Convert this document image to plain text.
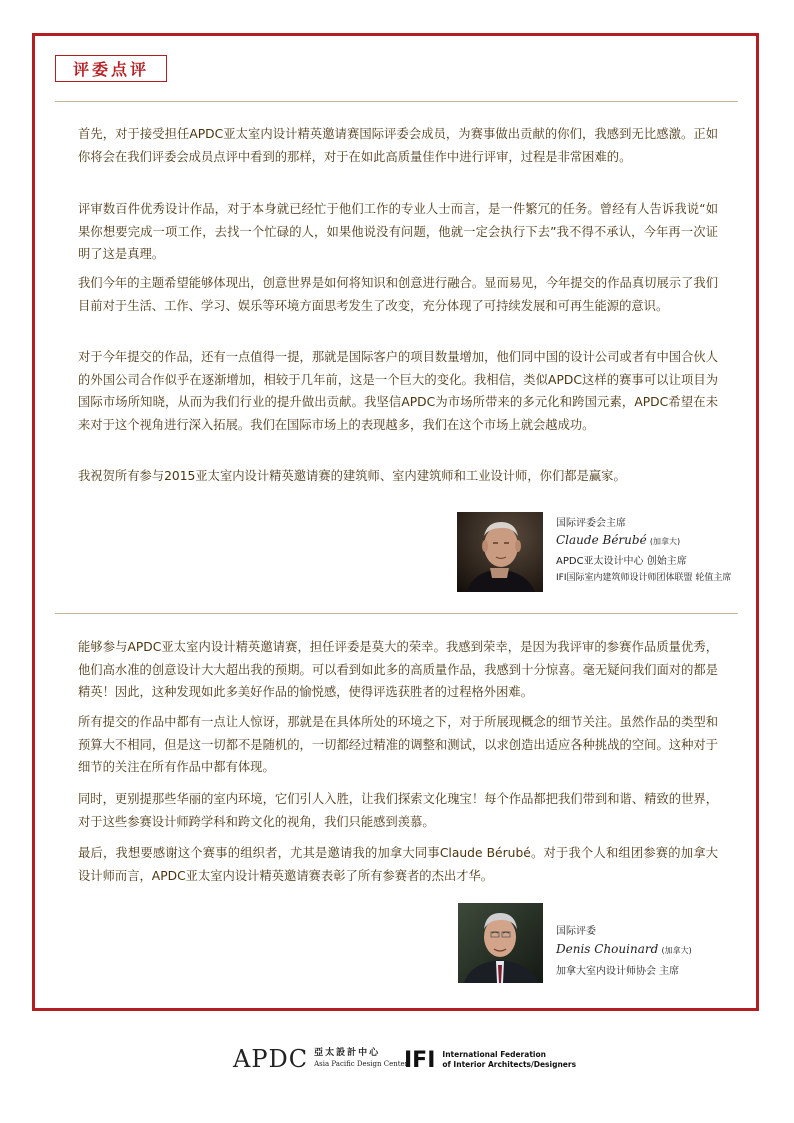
评委点评

首先，对于接受担任APDC亚太室内设计精英邀请赛国际评委会成员，为赛事做出贡献的你们，我感到无比感激。正如你将会在我们评委会成员点评中看到的那样，对于在如此高质量佳作中进行评审，过程是非常困难的。

评审数百件优秀设计作品，对于本身就已经忙于他们工作的专业人士而言，是一件繁冗的任务。曾经有人告诉我说“如果你想要完成一项工作，去找一个忙碌的人，如果他说没有问题，他就一定会执行下去”我不得不承认，今年再一次证明了这是真理。

我们今年的主题希望能够体现出，创意世界是如何将知识和创意进行融合。显而易见，今年提交的作品真切展示了我们目前对于生活、工作、学习、娱乐等环境方面思考发生了改变，充分体现了可持续发展和可再生能源的意识。

对于今年提交的作品，还有一点值得一提，那就是国际客户的项目数量增加，他们同中国的设计公司或者有中国合伙人的外国公司合作似乎在逐渐增加，相较于几年前，这是一个巨大的变化。我相信，类似APDC这样的赛事可以让项目为国际市场所知晓，从而为我们行业的提升做出贡献。我坚信APDC为市场所带来的多元化和跨国元素，APDC希望在未来对于这个视角进行深入拓展。我们在国际市场上的表现越多，我们在这个市场上就会越成功。

我祝贺所有参与2015亚太室内设计精英邀请赛的建筑师、室内建筑师和工业设计师，你们都是赢家。

国际评委会主席
Claude Bérubé (加拿大)
APDC亚太设计中心 创始主席
IFI国际室内建筑师设计师团体联盟 轮值主席

能够参与APDC亚太室内设计精英邀请赛，担任评委是莫大的荣幸。我感到荣幸，是因为我评审的参赛作品质量优秀，他们高水准的创意设计大大超出我的预期。可以看到如此多的高质量作品，我感到十分惊喜。毫无疑问我们面对的都是精英！因此，这种发现如此多美好作品的愉悦感，使得评选获胜者的过程格外困难。

所有提交的作品中都有一点让人惊讶，那就是在具体所处的环境之下，对于所展现概念的细节关注。虽然作品的类型和预算大不相同，但是这一切都不是随机的，一切都经过精准的调整和测试，以求创造出适应各种挑战的空间。这种对于细节的关注在所有作品中都有体现。

同时，更别提那些华丽的室内环境，它们引人入胜，让我们探索文化瑰宝！每个作品都把我们带到和谐、精致的世界，对于这些参赛设计师跨学科和跨文化的视角，我们只能感到羡慕。

最后，我想要感谢这个赛事的组织者，尤其是邀请我的加拿大同事Claude Bérubé。对于我个人和组团参赛的加拿大设计师而言，APDC亚太室内设计精英邀请赛表彰了所有参赛者的杰出才华。

国际评委
Denis Chouinard (加拿大)
加拿大室内设计师协会 主席
APDC 亞太設計中心
Asia Pacific Design Center
IFI International Federation
of Interior Architects/Designers
